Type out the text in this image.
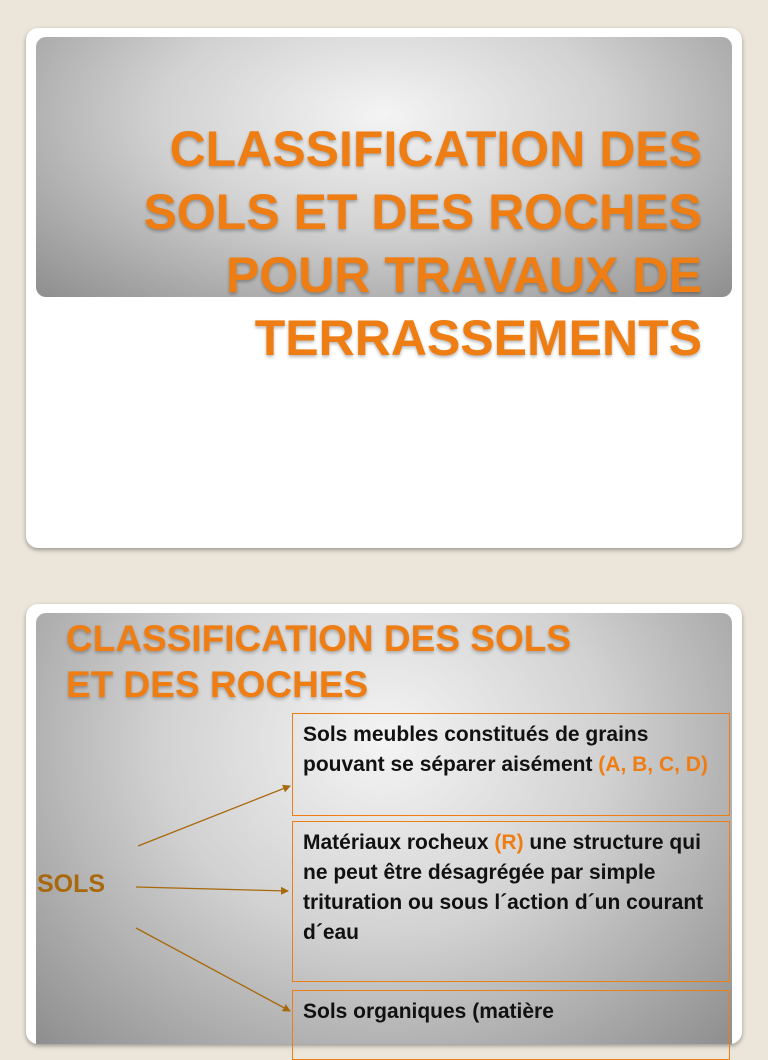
CLASSIFICATION DES
SOLS ET DES ROCHES
POUR TRAVAUX DE
TERRASSEMENTS
CLASSIFICATION DES SOLS
ET DES ROCHES
SOLS
Sols meubles constitués de grains pouvant se séparer aisément (A, B, C, D)
Matériaux rocheux (R) une structure qui ne peut être désagrégée par simple trituration ou sous l´action d´un courant d´eau
Sols organiques (matière
